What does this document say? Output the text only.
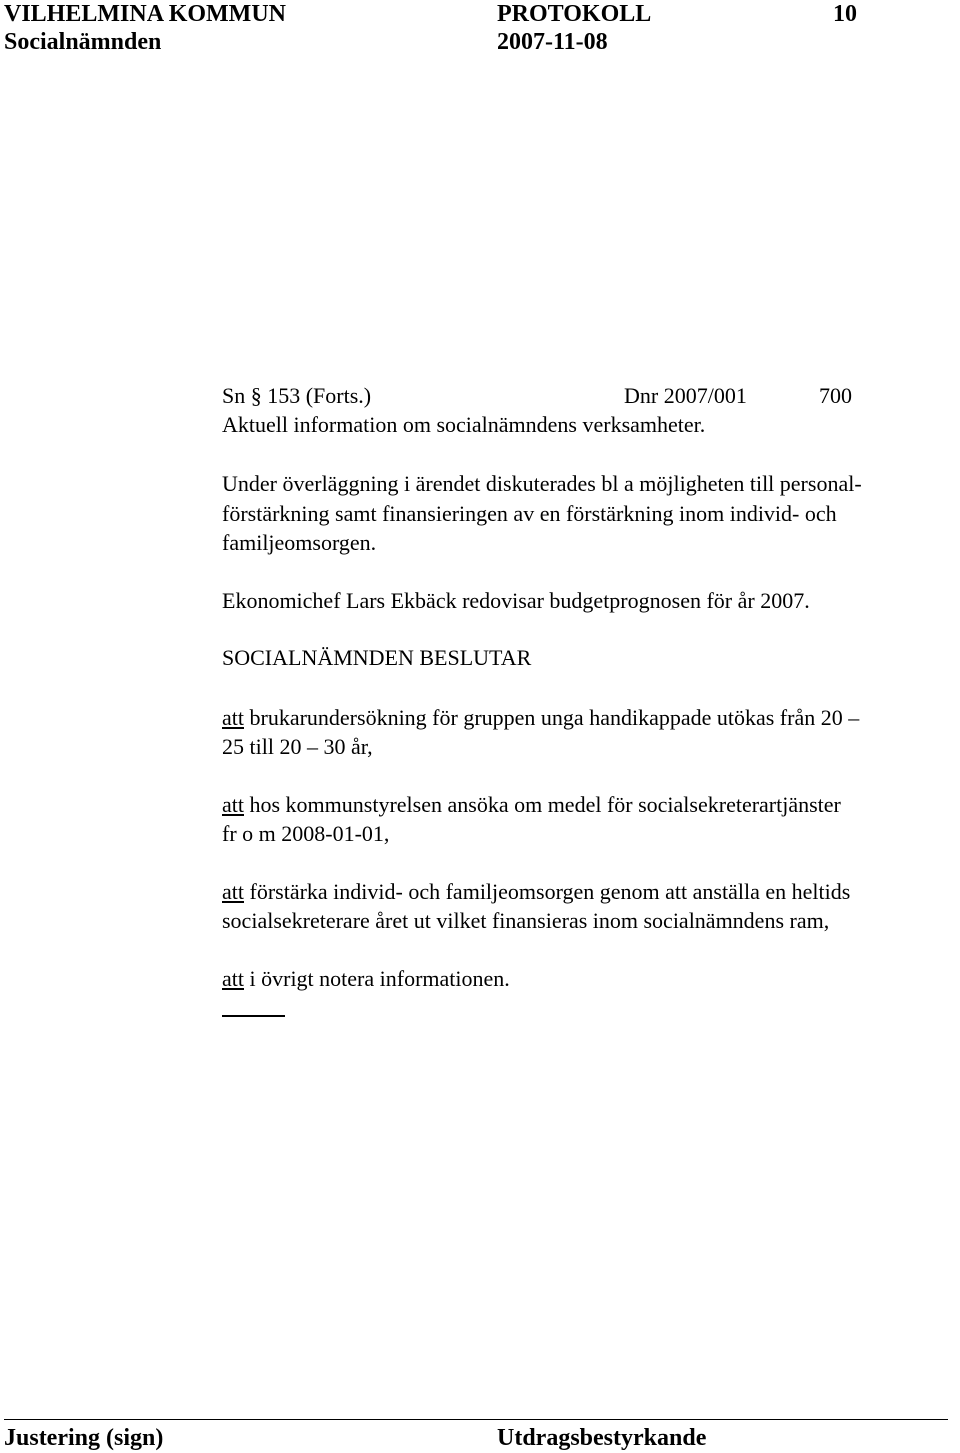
VILHELMINA KOMMUN	PROTOKOLL	10
Socialnämnden	2007-11-08
Sn § 153 (Forts.)	Dnr 2007/001	700
Aktuell information om socialnämndens verksamheter.
Under överläggning i ärendet diskuterades bl a möjligheten till personal-
förstärkning samt finansieringen av en förstärkning inom individ- och
familjeomsorgen.
Ekonomichef Lars Ekbäck redovisar budgetprognosen för år 2007.
SOCIALNÄMNDEN BESLUTAR
att brukarundersökning för gruppen unga handikappade utökas från 20 –
25 till 20 – 30 år,
att hos kommunstyrelsen ansöka om medel för socialsekreterartjänster
fr o m 2008-01-01,
att förstärka individ- och familjeomsorgen genom att anställa en heltids
socialsekreterare året ut vilket finansieras inom socialnämndens ram,
att i övrigt notera informationen.
Justering (sign)	Utdragsbestyrkande
